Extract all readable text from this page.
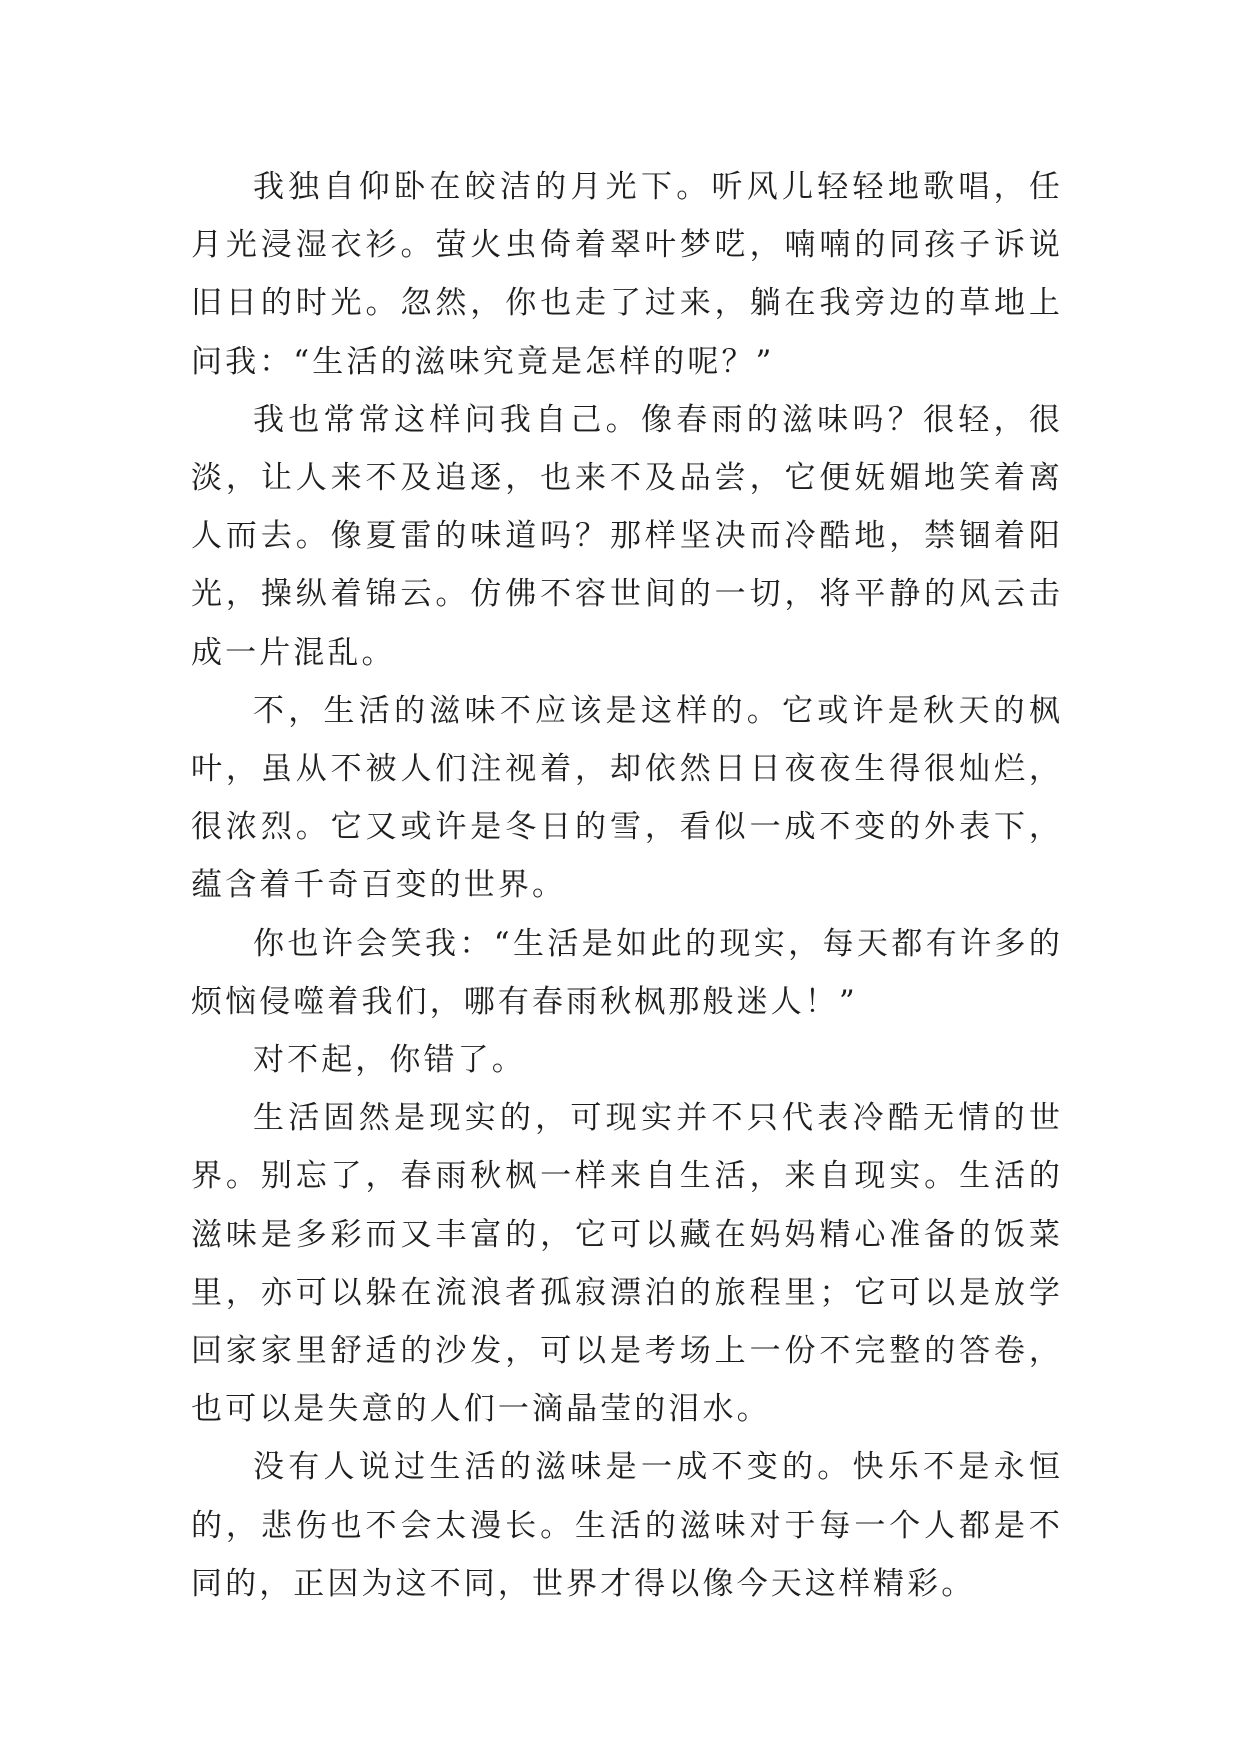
我独自仰卧在皎洁的月光下。听风儿轻轻地歌唱，任月光浸湿衣衫。萤火虫倚着翠叶梦呓，喃喃的同孩子诉说旧日的时光。忽然，你也走了过来，躺在我旁边的草地上问我：“生活的滋味究竟是怎样的呢？”

我也常常这样问我自己。像春雨的滋味吗？很轻，很淡，让人来不及追逐，也来不及品尝，它便妩媚地笑着离人而去。像夏雷的味道吗？那样坚决而冷酷地，禁锢着阳光，操纵着锦云。仿佛不容世间的一切，将平静的风云击成一片混乱。

不，生活的滋味不应该是这样的。它或许是秋天的枫叶，虽从不被人们注视着，却依然日日夜夜生得很灿烂，很浓烈。它又或许是冬日的雪，看似一成不变的外表下，蕴含着千奇百变的世界。

你也许会笑我：“生活是如此的现实，每天都有许多的烦恼侵噬着我们，哪有春雨秋枫那般迷人！”

对不起，你错了。

生活固然是现实的，可现实并不只代表冷酷无情的世界。别忘了，春雨秋枫一样来自生活，来自现实。生活的滋味是多彩而又丰富的，它可以藏在妈妈精心准备的饭菜里，亦可以躲在流浪者孤寂漂泊的旅程里；它可以是放学回家家里舒适的沙发，可以是考场上一份不完整的答卷，也可以是失意的人们一滴晶莹的泪水。

没有人说过生活的滋味是一成不变的。快乐不是永恒的，悲伤也不会太漫长。生活的滋味对于每一个人都是不同的，正因为这不同，世界才得以像今天这样精彩。
